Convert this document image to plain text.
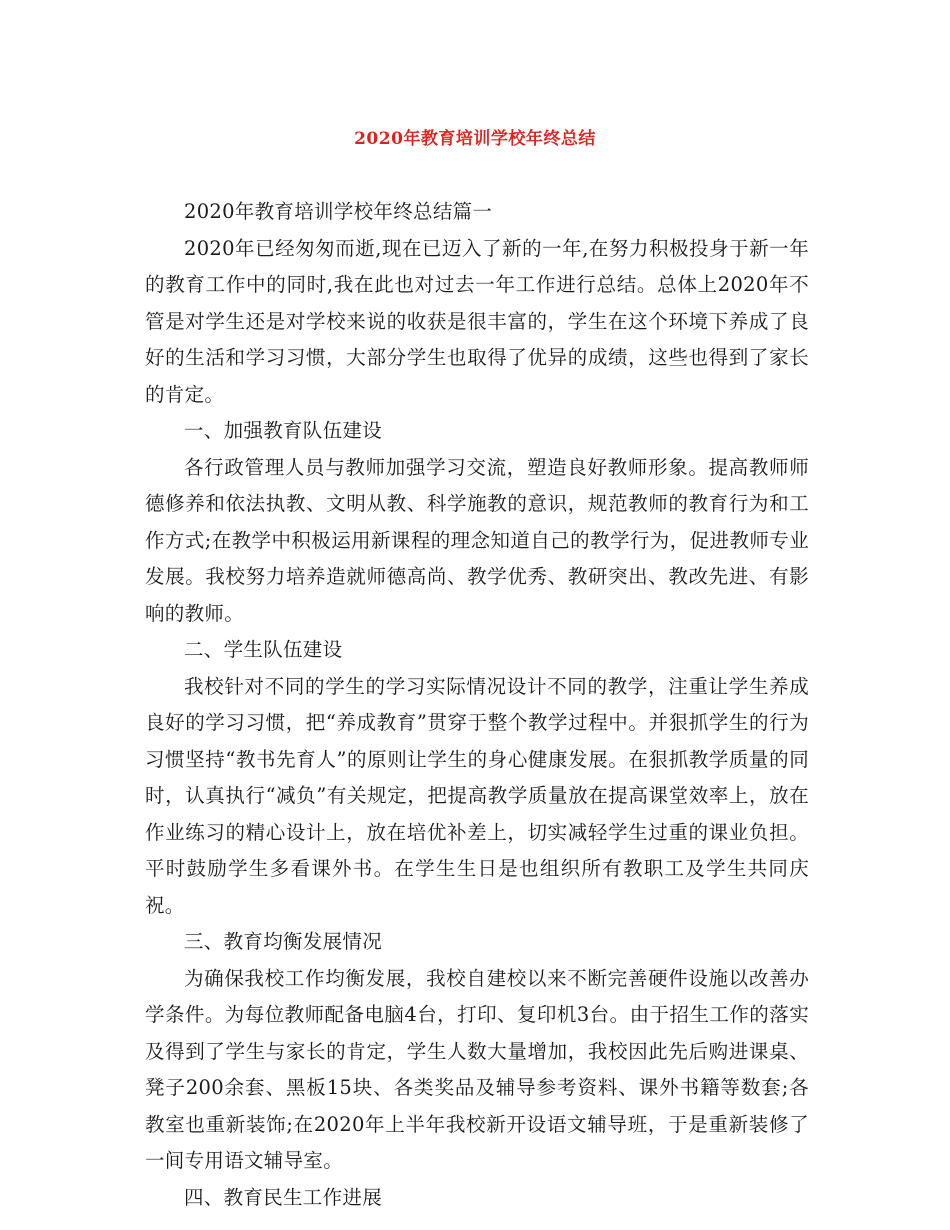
2020年教育培训学校年终总结

2020年教育培训学校年终总结篇一

2020年已经匆匆而逝,现在已迈入了新的一年,在努力积极投身于新一年的教育工作中的同时,我在此也对过去一年工作进行总结。总体上2020年不管是对学生还是对学校来说的收获是很丰富的，学生在这个环境下养成了良好的生活和学习习惯，大部分学生也取得了优异的成绩，这些也得到了家长的肯定。

一、加强教育队伍建设

各行政管理人员与教师加强学习交流，塑造良好教师形象。提高教师师德修养和依法执教、文明从教、科学施教的意识，规范教师的教育行为和工作方式;在教学中积极运用新课程的理念知道自己的教学行为，促进教师专业发展。我校努力培养造就师德高尚、教学优秀、教研突出、教改先进、有影响的教师。

二、学生队伍建设

我校针对不同的学生的学习实际情况设计不同的教学，注重让学生养成良好的学习习惯，把“养成教育”贯穿于整个教学过程中。并狠抓学生的行为习惯坚持“教书先育人”的原则让学生的身心健康发展。在狠抓教学质量的同时，认真执行“减负”有关规定，把提高教学质量放在提高课堂效率上，放在作业练习的精心设计上，放在培优补差上，切实减轻学生过重的课业负担。平时鼓励学生多看课外书。在学生生日是也组织所有教职工及学生共同庆祝。

三、教育均衡发展情况

为确保我校工作均衡发展，我校自建校以来不断完善硬件设施以改善办学条件。为每位教师配备电脑4台，打印、复印机3台。由于招生工作的落实及得到了学生与家长的肯定，学生人数大量增加，我校因此先后购进课桌、凳子200余套、黑板15块、各类奖品及辅导参考资料、课外书籍等数套;各教室也重新装饰;在2020年上半年我校新开设语文辅导班，于是重新装修了一间专用语文辅导室。

四、教育民生工作进展
